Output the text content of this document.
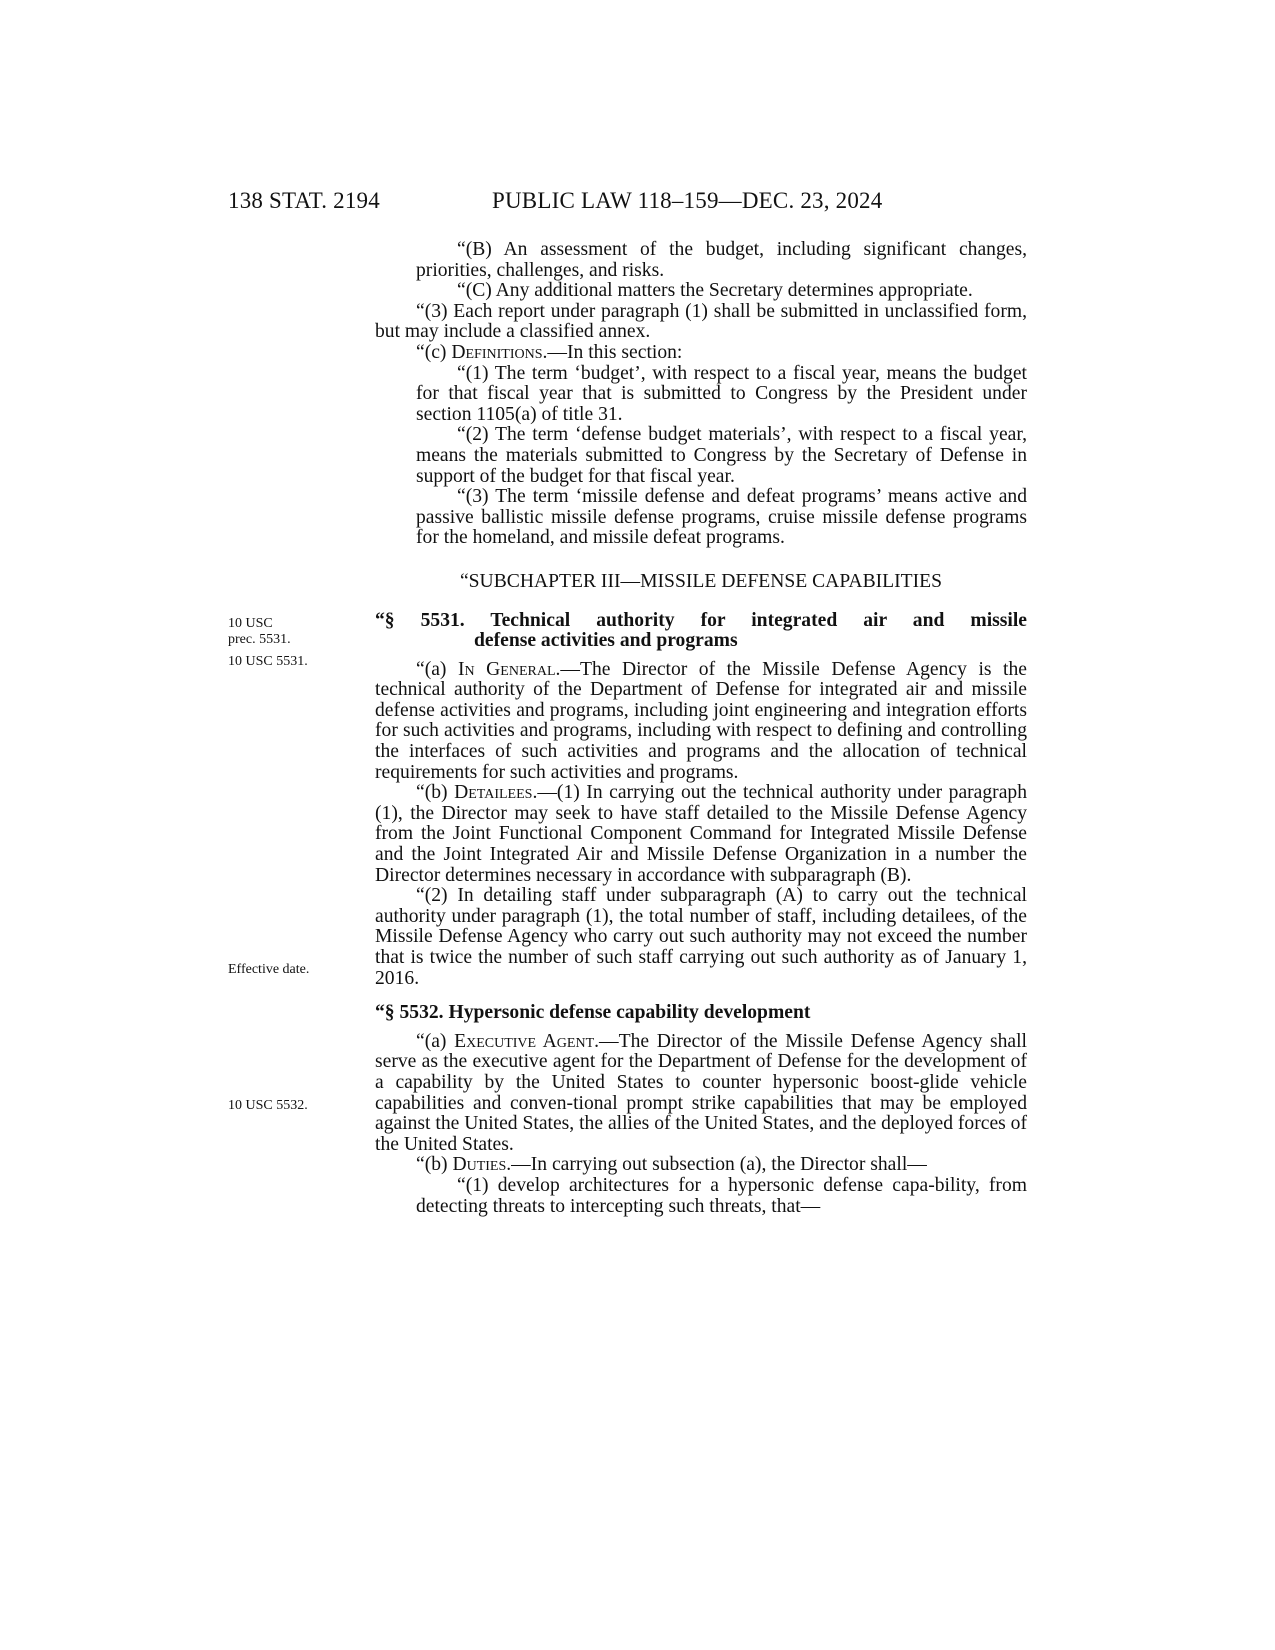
138 STAT. 2194	PUBLIC LAW 118–159—DEC. 23, 2024
10 USC
prec. 5531.
10 USC 5531.
Effective date.
10 USC 5532.

“(B) An assessment of the budget, including significant changes, priorities, challenges, and risks.

“(C) Any additional matters the Secretary determines appropriate.

“(3) Each report under paragraph (1) shall be submitted in unclassified form, but may include a classified annex.

“(c) Definitions.—In this section:

“(1) The term ‘budget’, with respect to a fiscal year, means the budget for that fiscal year that is submitted to Congress by the President under section 1105(a) of title 31.

“(2) The term ‘defense budget materials’, with respect to a fiscal year, means the materials submitted to Congress by the Secretary of Defense in support of the budget for that fiscal year.

“(3) The term ‘missile defense and defeat programs’ means active and passive ballistic missile defense programs, cruise missile defense programs for the homeland, and missile defeat programs.

“SUBCHAPTER III—MISSILE DEFENSE CAPABILITIES
“§ 5531. Technical authority for integrated air and missile
defense activities and programs

“(a) In General.—The Director of the Missile Defense Agency is the technical authority of the Department of Defense for integrated air and missile defense activities and programs, including joint engineering and integration efforts for such activities and programs, including with respect to defining and controlling the interfaces of such activities and programs and the allocation of technical requirements for such activities and programs.

“(b) Detailees.—(1) In carrying out the technical authority under paragraph (1), the Director may seek to have staff detailed to the Missile Defense Agency from the Joint Functional Component Command for Integrated Missile Defense and the Joint Integrated Air and Missile Defense Organization in a number the Director determines necessary in accordance with subparagraph (B).

“(2) In detailing staff under subparagraph (A) to carry out the technical authority under paragraph (1), the total number of staff, including detailees, of the Missile Defense Agency who carry out such authority may not exceed the number that is twice the number of such staff carrying out such authority as of January 1, 2016.

“§ 5532. Hypersonic defense capability development

“(a) Executive Agent.—The Director of the Missile Defense Agency shall serve as the executive agent for the Department of Defense for the development of a capability by the United States to counter hypersonic boost-glide vehicle capabilities and conven-tional prompt strike capabilities that may be employed against the United States, the allies of the United States, and the deployed forces of the United States.

“(b) Duties.—In carrying out subsection (a), the Director shall—

“(1) develop architectures for a hypersonic defense capa-bility, from detecting threats to intercepting such threats, that—
